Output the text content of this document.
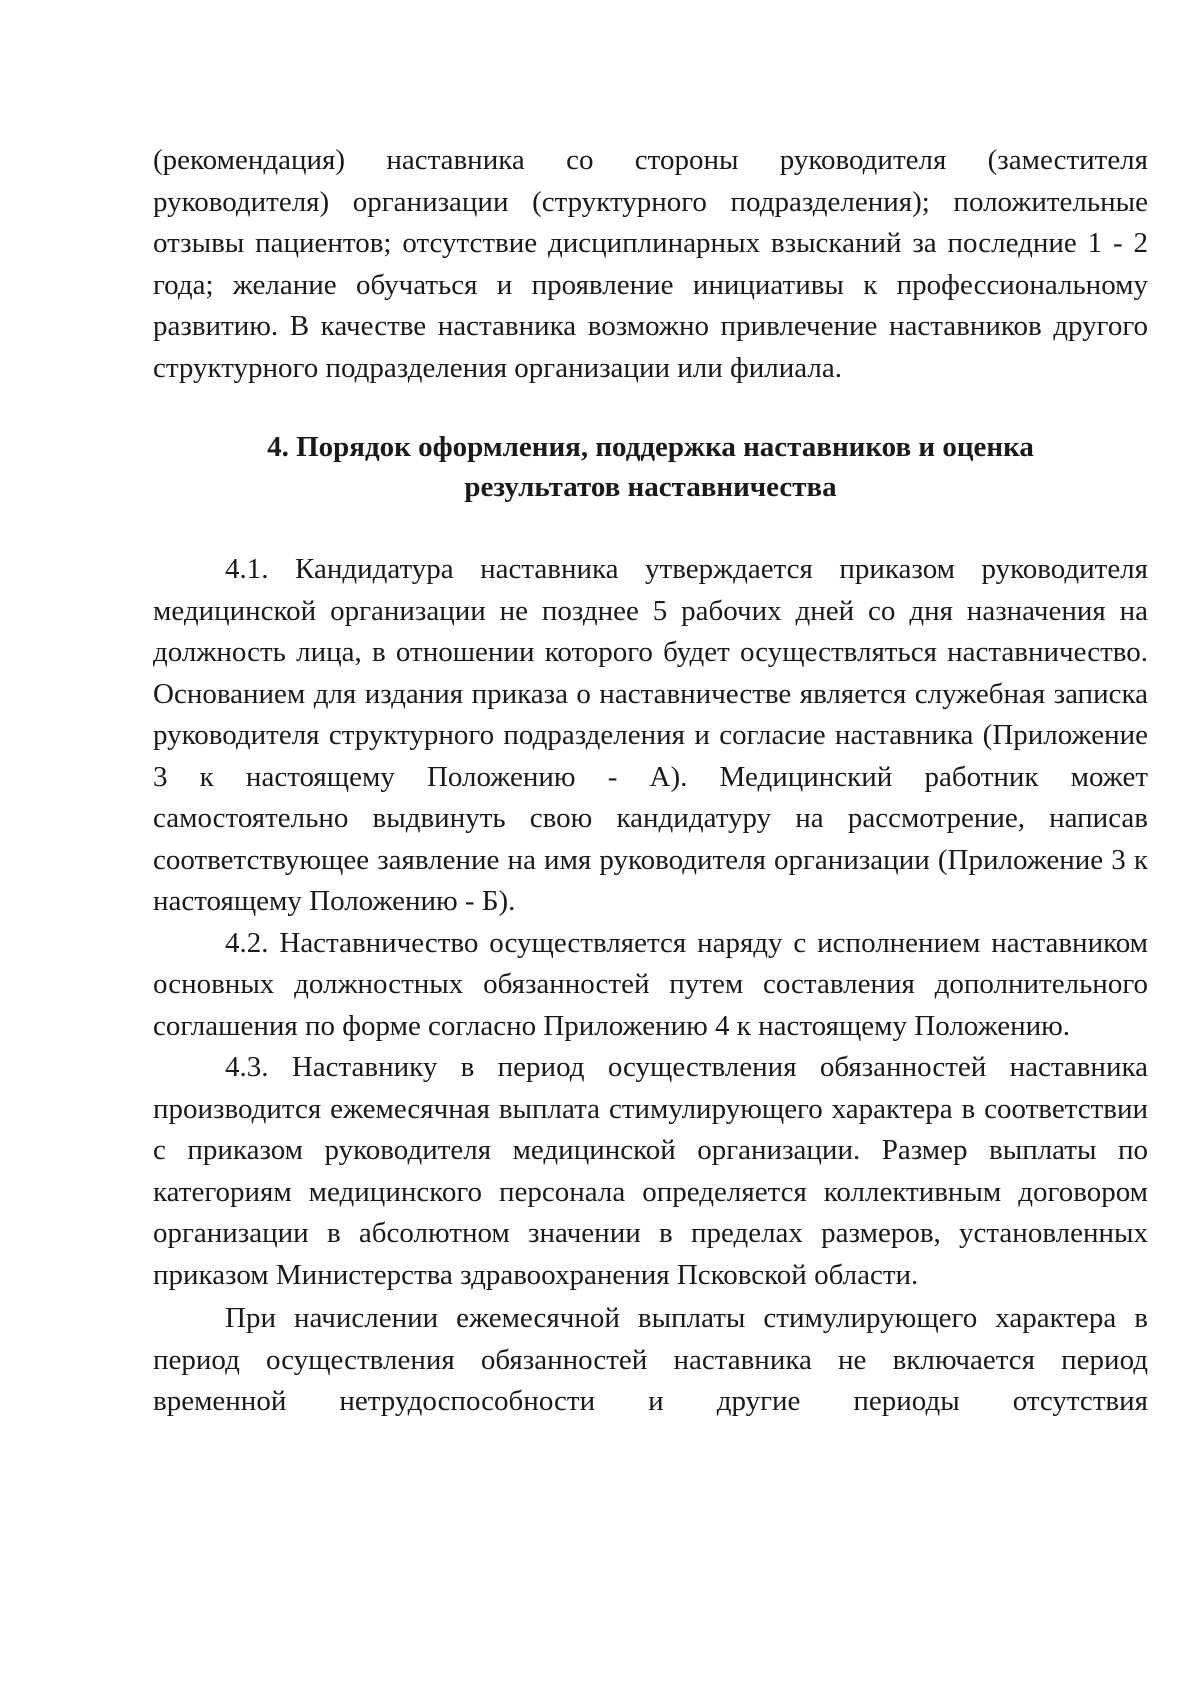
(рекомендация) наставника со стороны руководителя (заместителя руководителя) организации (структурного подразделения); положительные отзывы пациентов; отсутствие дисциплинарных взысканий за последние 1 - 2 года; желание обучаться и проявление инициативы к профессиональному развитию. В качестве наставника возможно привлечение наставников другого структурного подразделения организации или филиала.

4. Порядок оформления, поддержка наставников и оценка
результатов наставничества

4.1. Кандидатура наставника утверждается приказом руководителя медицинской организации не позднее 5 рабочих дней со дня назначения на должность лица, в отношении которого будет осуществляться наставничество. Основанием для издания приказа о наставничестве является служебная записка руководителя структурного подразделения и согласие наставника (Приложение 3 к настоящему Положению - А). Медицинский работник может самостоятельно выдвинуть свою кандидатуру на рассмотрение, написав соответствующее заявление на имя руководителя организации (Приложение 3 к настоящему Положению - Б).

4.2. Наставничество осуществляется наряду с исполнением наставником основных должностных обязанностей путем составления дополнительного соглашения по форме согласно Приложению 4 к настоящему Положению.

4.3. Наставнику в период осуществления обязанностей наставника производится ежемесячная выплата стимулирующего характера в соответствии с приказом руководителя медицинской организации. Размер выплаты по категориям медицинского персонала определяется коллективным договором организации в абсолютном значении в пределах размеров, установленных приказом Министерства здравоохранения Псковской области.

При начислении ежемесячной выплаты стимулирующего характера в период осуществления обязанностей наставника не включается период временной нетрудоспособности и другие периоды отсутствия
